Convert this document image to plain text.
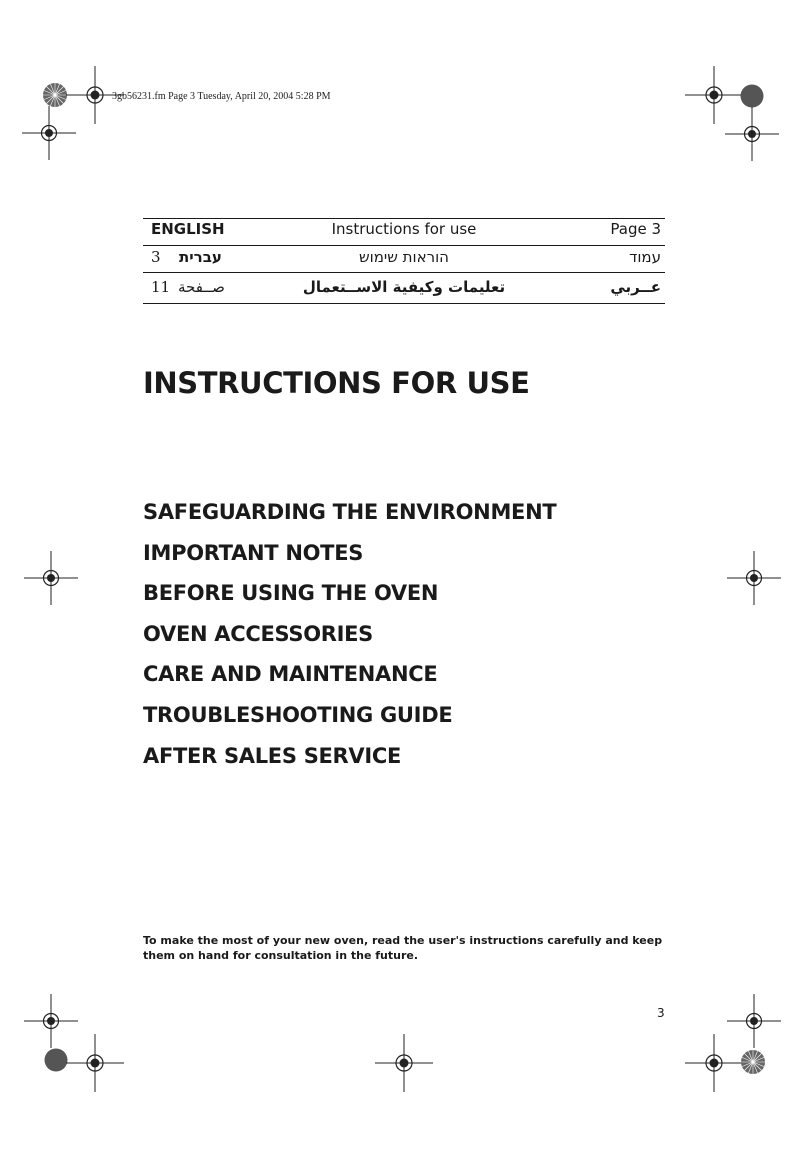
3gb56231.fm Page 3 Tuesday, April 20, 2004 5:28 PM
ENGLISH	Instructions for use	Page 3
3 עברית	הוראות שימוש	עמוד
11 صــفحة	تعليمات وكيفية الاســتعمال	عــربي
INSTRUCTIONS FOR USE
SAFEGUARDING THE ENVIRONMENT
IMPORTANT NOTES
BEFORE USING THE OVEN
OVEN ACCESSORIES
CARE AND MAINTENANCE
TROUBLESHOOTING GUIDE
AFTER SALES SERVICE

To make the most of your new oven, read the user's instructions carefully and keep them on hand for consultation in the future.

3
